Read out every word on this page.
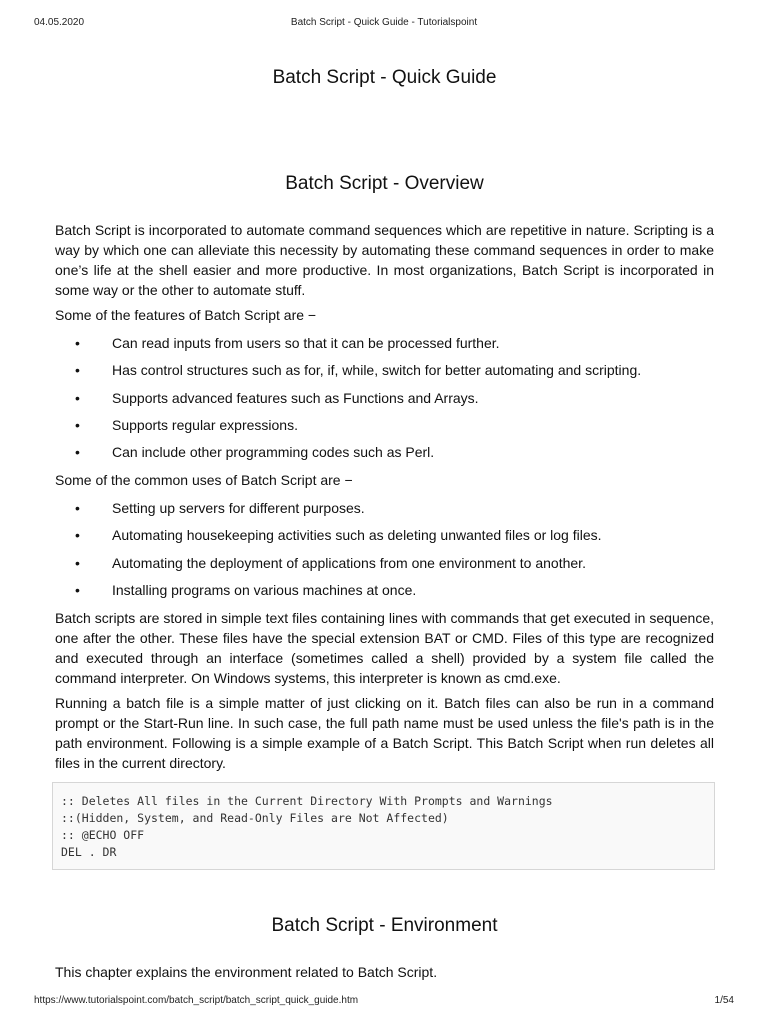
04.05.2020	Batch Script - Quick Guide - Tutorialspoint
Batch Script - Quick Guide
Batch Script - Overview

Batch Script is incorporated to automate command sequences which are repetitive in nature. Scripting is a way by which one can alleviate this necessity by automating these command sequences in order to make one’s life at the shell easier and more productive. In most organizations, Batch Script is incorporated in some way or the other to automate stuff.

Some of the features of Batch Script are −

• Can read inputs from users so that it can be processed further.
• Has control structures such as for, if, while, switch for better automating and scripting.
• Supports advanced features such as Functions and Arrays.
• Supports regular expressions.
• Can include other programming codes such as Perl.

Some of the common uses of Batch Script are −

• Setting up servers for different purposes.
• Automating housekeeping activities such as deleting unwanted files or log files.
• Automating the deployment of applications from one environment to another.
• Installing programs on various machines at once.

Batch scripts are stored in simple text files containing lines with commands that get executed in sequence, one after the other. These files have the special extension BAT or CMD. Files of this type are recognized and executed through an interface (sometimes called a shell) provided by a system file called the command interpreter. On Windows systems, this interpreter is known as cmd.exe.

Running a batch file is a simple matter of just clicking on it. Batch files can also be run in a command prompt or the Start-Run line. In such case, the full path name must be used unless the file's path is in the path environment. Following is a simple example of a Batch Script. This Batch Script when run deletes all files in the current directory.

:: Deletes All files in the Current Directory With Prompts and Warnings
::(Hidden, System, and Read-Only Files are Not Affected)
:: @ECHO OFF
DEL . DR
Batch Script - Environment

This chapter explains the environment related to Batch Script.

https://www.tutorialspoint.com/batch_script/batch_script_quick_guide.htm	1/54
